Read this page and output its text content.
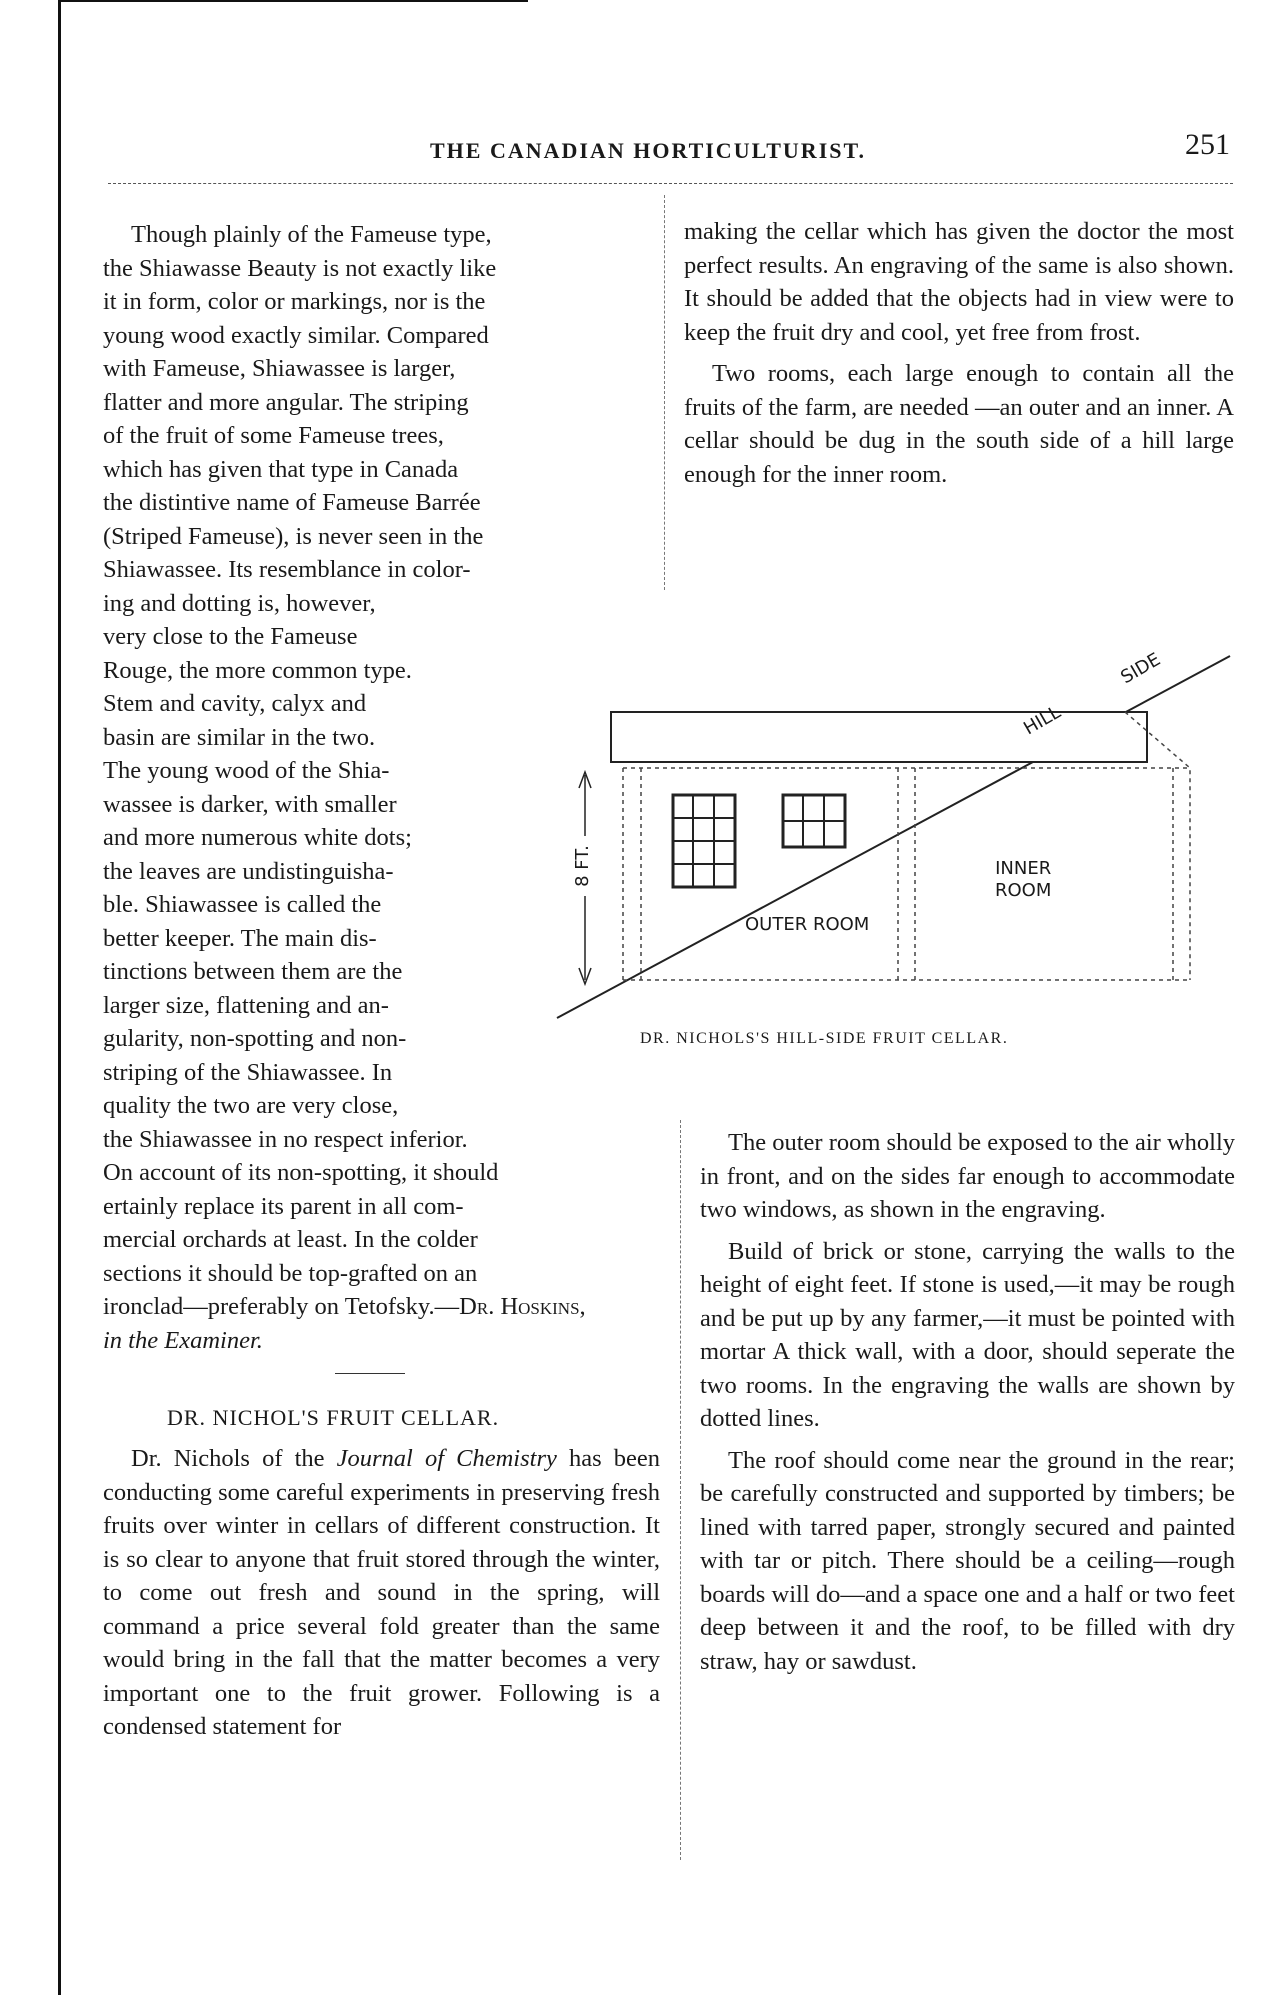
THE CANADIAN HORTICULTURIST.	251

Though plainly of the Fameuse type,
the Shiawasse Beauty is not exactly like
it in form, color or markings, nor is the
young wood exactly similar. Compared
with Fameuse, Shiawassee is larger,
flatter and more angular. The striping
of the fruit of some Fameuse trees,
which has given that type in Canada
the distintive name of Fameuse Barrée
(Striped Fameuse), is never seen in the
Shiawassee. Its resemblance in color-
ing and dotting is, however,
very close to the Fameuse
Rouge, the more common type.
Stem and cavity, calyx and
basin are similar in the two.
The young wood of the Shia-
wassee is darker, with smaller
and more numerous white dots;
the leaves are undistinguisha-
ble. Shiawassee is called the
better keeper. The main dis-
tinctions between them are the
larger size, flattening and an-
gularity, non-spotting and non-
striping of the Shiawassee. In
quality the two are very close,
the Shiawassee in no respect inferior.
On account of its non-spotting, it should
ertainly replace its parent in all com-
mercial orchards at least. In the colder
sections it should be top-grafted on an
ironclad—preferably on Tetofsky.—Dr. Hoskins,
in the Examiner.

DR. NICHOL'S FRUIT CELLAR.

Dr. Nichols of the Journal of Chemistry has been conducting some careful experiments in preserving fresh fruits over winter in cellars of different construction. It is so clear to anyone that fruit stored through the winter, to come out fresh and sound in the spring, will command a price several fold greater than the same would bring in the fall that the matter becomes a very important one to the fruit grower. Following is a condensed statement for

making the cellar which has given the doctor the most perfect results. An engraving of the same is also shown. It should be added that the objects had in view were to keep the fruit dry and cool, yet free from frost.

Two rooms, each large enough to contain all the fruits of the farm, are needed —an outer and an inner. A cellar should be dug in the south side of a hill large enough for the inner room.

HILL
SIDE
8 FT.
OUTER ROOM
INNER
ROOM
DR. NICHOLS'S HILL-SIDE FRUIT CELLAR.

The outer room should be exposed to the air wholly in front, and on the sides far enough to accommodate two windows, as shown in the engraving.

Build of brick or stone, carrying the walls to the height of eight feet. If stone is used,—it may be rough and be put up by any farmer,—it must be pointed with mortar A thick wall, with a door, should seperate the two rooms. In the engraving the walls are shown by dotted lines.

The roof should come near the ground in the rear; be carefully constructed and supported by timbers; be lined with tarred paper, strongly secured and painted with tar or pitch. There should be a ceiling—rough boards will do—and a space one and a half or two feet deep between it and the roof, to be filled with dry straw, hay or sawdust.
